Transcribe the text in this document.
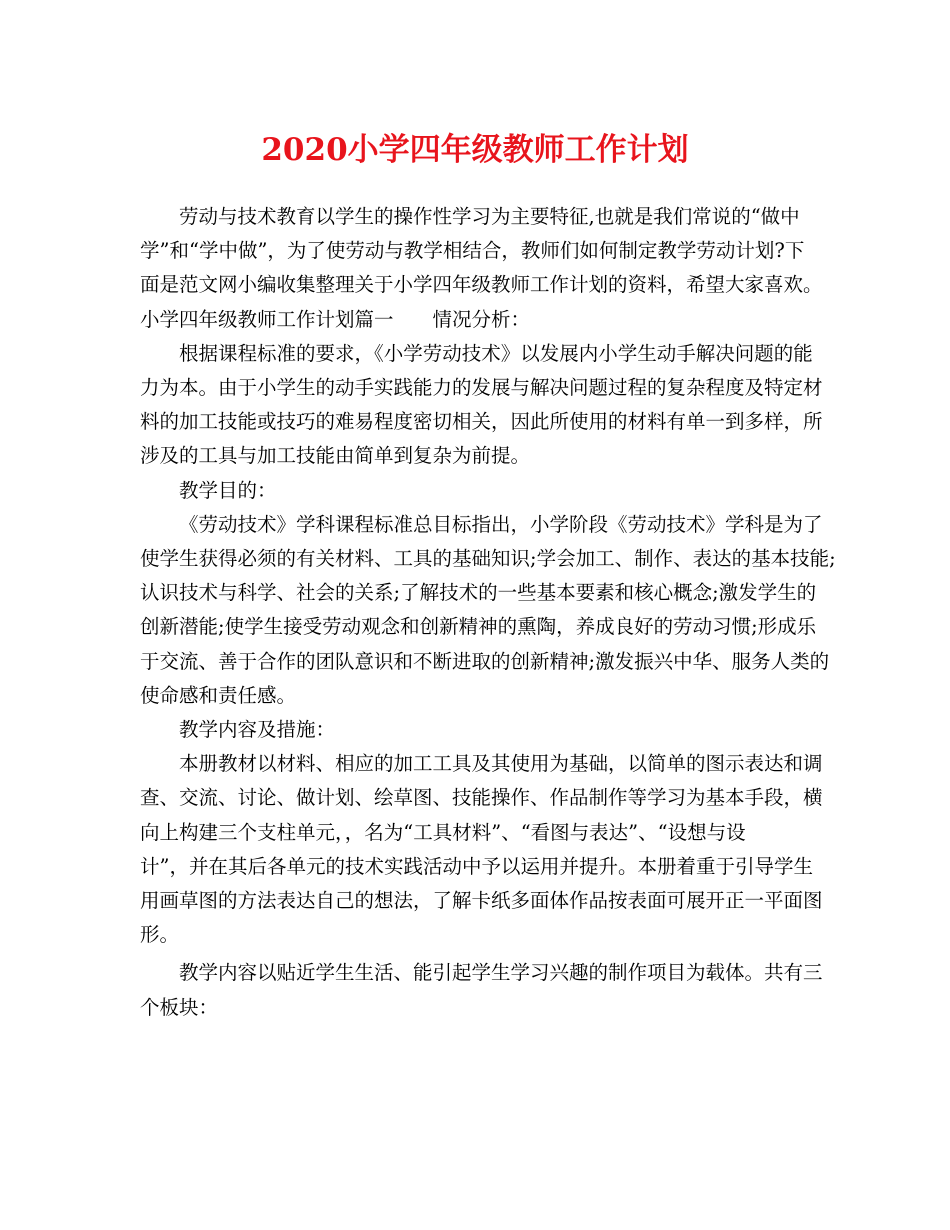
2020小学四年级教师工作计划

劳动与技术教育以学生的操作性学习为主要特征,也就是我们常说的“做中
学”和“学中做”，为了使劳动与教学相结合，教师们如何制定教学劳动计划?下
面是范文网小编收集整理关于小学四年级教师工作计划的资料，希望大家喜欢。

小学四年级教师工作计划篇一　　情况分析：

根据课程标准的要求，《小学劳动技术》以发展内小学生动手解决问题的能
力为本。由于小学生的动手实践能力的发展与解决问题过程的复杂程度及特定材
料的加工技能或技巧的难易程度密切相关，因此所使用的材料有单一到多样，所
涉及的工具与加工技能由简单到复杂为前提。

教学目的：

《劳动技术》学科课程标准总目标指出，小学阶段《劳动技术》学科是为了
使学生获得必须的有关材料、工具的基础知识;学会加工、制作、表达的基本技能;
认识技术与科学、社会的关系;了解技术的一些基本要素和核心概念;激发学生的
创新潜能;使学生接受劳动观念和创新精神的熏陶，养成良好的劳动习惯;形成乐
于交流、善于合作的团队意识和不断进取的创新精神;激发振兴中华、服务人类的
使命感和责任感。

教学内容及措施：

本册教材以材料、相应的加工工具及其使用为基础，以简单的图示表达和调
查、交流、讨论、做计划、绘草图、技能操作、作品制作等学习为基本手段，横
向上构建三个支柱单元，，名为“工具材料”、“看图与表达”、“设想与设
计”，并在其后各单元的技术实践活动中予以运用并提升。本册着重于引导学生
用画草图的方法表达自己的想法，了解卡纸多面体作品按表面可展开正一平面图
形。

教学内容以贴近学生生活、能引起学生学习兴趣的制作项目为载体。共有三
个板块：
